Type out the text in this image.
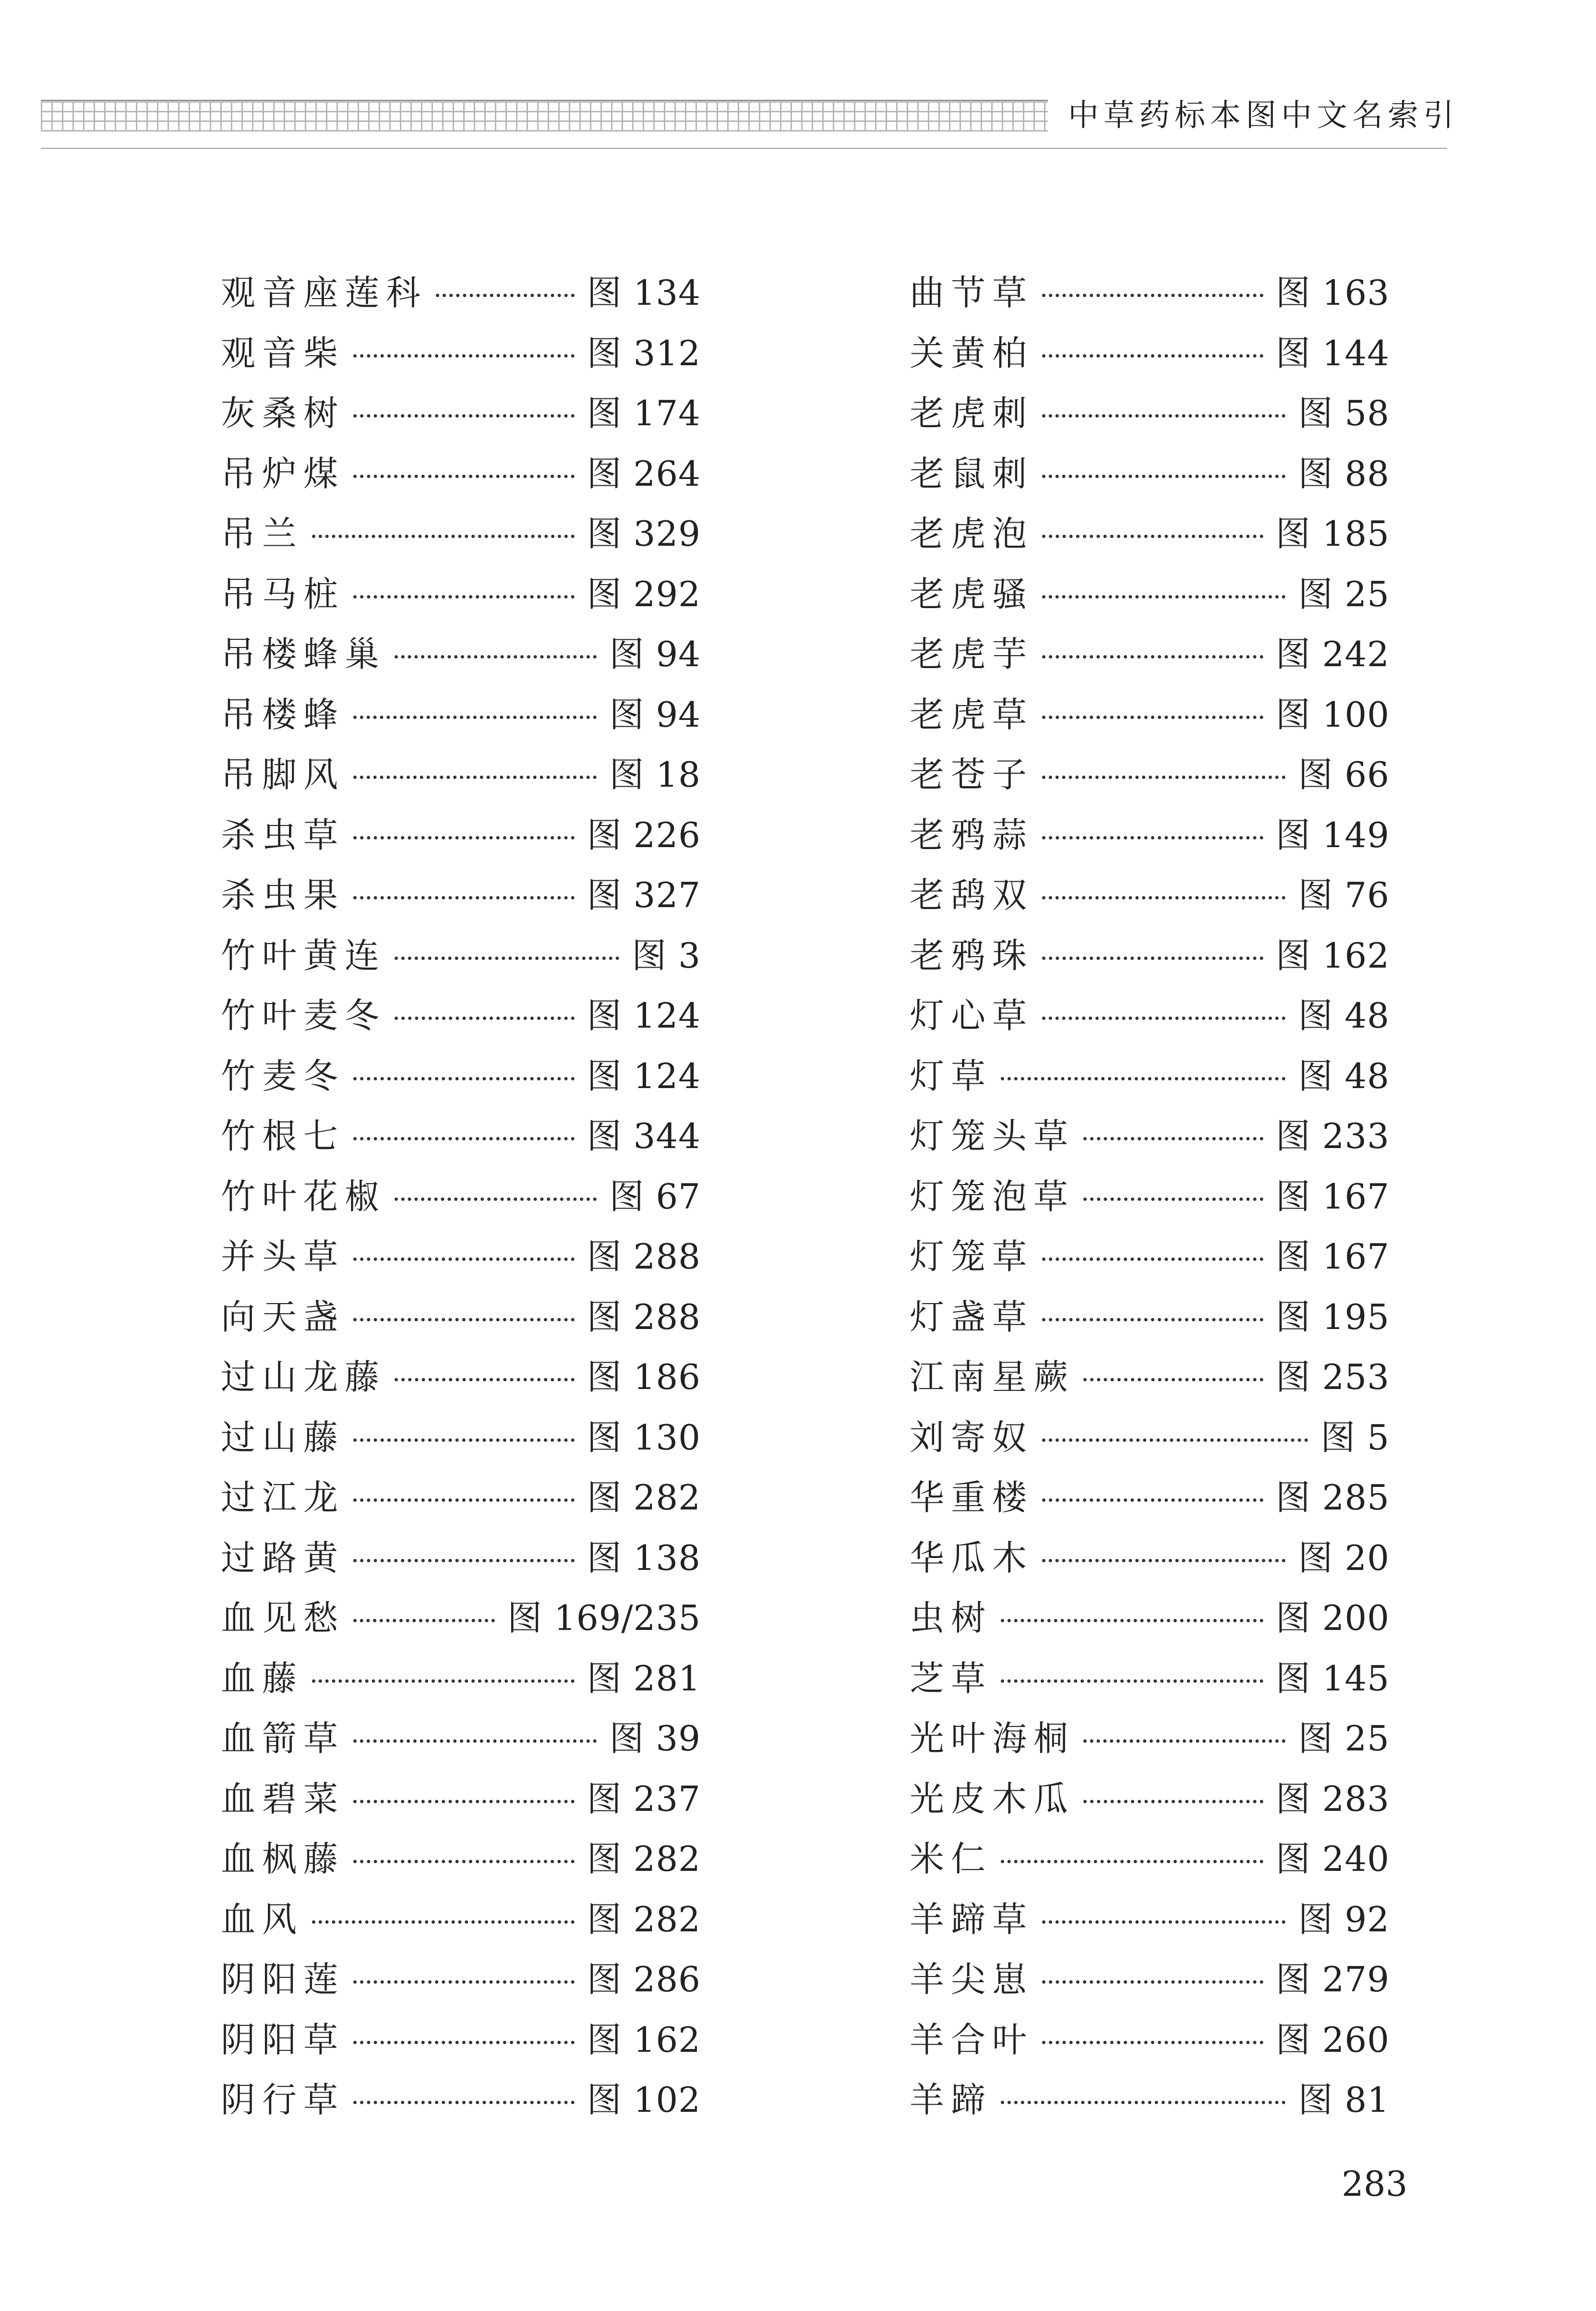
中草药标本图中文名索引
观音座莲科	图 134
观音柴	图 312
灰桑树	图 174
吊炉煤	图 264
吊兰	图 329
吊马桩	图 292
吊楼蜂巢	图 94
吊楼蜂	图 94
吊脚风	图 18
杀虫草	图 226
杀虫果	图 327
竹叶黄连	图 3
竹叶麦冬	图 124
竹麦冬	图 124
竹根七	图 344
竹叶花椒	图 67
并头草	图 288
向天盏	图 288
过山龙藤	图 186
过山藤	图 130
过江龙	图 282
过路黄	图 138
血见愁	图 169/235
血藤	图 281
血箭草	图 39
血碧菜	图 237
血枫藤	图 282
血风	图 282
阴阳莲	图 286
阴阳草	图 162
阴行草	图 102
曲节草	图 163
关黄柏	图 144
老虎刺	图 58
老鼠刺	图 88
老虎泡	图 185
老虎骚	图 25
老虎芋	图 242
老虎草	图 100
老苍子	图 66
老鸦蒜	图 149
老鸹双	图 76
老鸦珠	图 162
灯心草	图 48
灯草	图 48
灯笼头草	图 233
灯笼泡草	图 167
灯笼草	图 167
灯盏草	图 195
江南星蕨	图 253
刘寄奴	图 5
华重楼	图 285
华瓜木	图 20
虫树	图 200
芝草	图 145
光叶海桐	图 25
光皮木瓜	图 283
米仁	图 240
羊蹄草	图 92
羊尖崽	图 279
羊合叶	图 260
羊蹄	图 81
283
